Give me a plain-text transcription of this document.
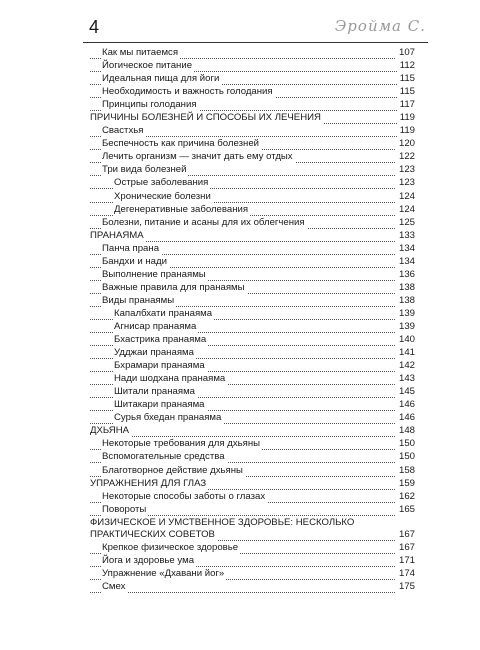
4	Эройма С.
Как мы питаемся	107
Йогическое питание	112
Идеальная пища для йоги	115
Необходимость и важность голодания	115
Принципы голодания	117
ПРИЧИНЫ БОЛЕЗНЕЙ И СПОСОБЫ ИХ ЛЕЧЕНИЯ	119
Свастхья	119
Беспечность как причина болезней	120
Лечить организм — значит дать ему отдых	122
Три вида болезней	123
Острые заболевания	123
Хронические болезни	124
Дегенеративные заболевания	124
Болезни, питание и асаны для их облегчения	125
ПРАНАЯМА	133
Панча прана	134
Бандхи и нади	134
Выполнение пранаямы	136
Важные правила для пранаямы	138
Виды пранаямы	138
Капалбхати пранаяма	139
Агнисар пранаяма	139
Бхастрика пранаяма	140
Удджаи пранаяма	141
Бхрамари пранаяма	142
Нади шодхана пранаяма	143
Шитали пранаяма	145
Шитакари пранаяма	146
Сурья бхедан пранаяма	146
ДХЬЯНА	148
Некоторые требования для дхьяны	150
Вспомогательные средства	150
Благотворное действие дхьяны	158
УПРАЖНЕНИЯ ДЛЯ ГЛАЗ	159
Некоторые способы заботы о глазах	162
Повороты	165
ФИЗИЧЕСКОЕ И УМСТВЕННОЕ ЗДОРОВЬЕ: НЕСКОЛЬКО
ПРАКТИЧЕСКИХ СОВЕТОВ	167
Крепкое физическое здоровье	167
Йога и здоровье ума	171
Упражнение «Дхавани йог»	174
Смех	175
